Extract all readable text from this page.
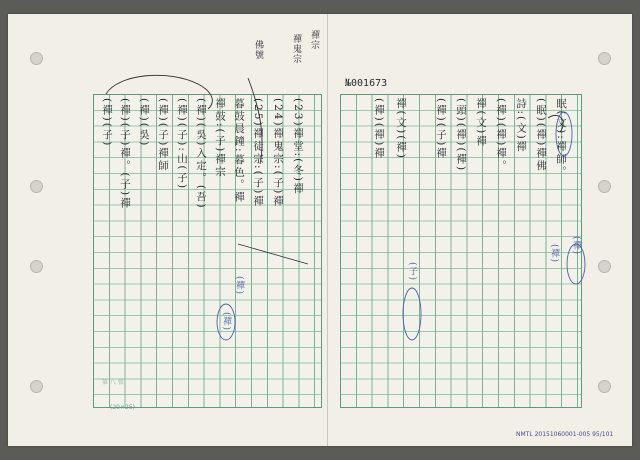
(23)禪堂:(冬)禪
(24)禪鬼宗:(子)禪
(25)禪徒宗:(子)禪
暮鼓晨鐘:暮色。禪
禪鼓:(子)禪宗
(禪)(吳)入定。(吾)
(禪)(子):山(子)
(禪)(子)禪師
(禪)(吳)
(禪)(子)禪。(子)禪
(禪)(子)	眠(文):禪師。
(眠)(禪)禪佛
詩:(文)禪
(禪)(禪)禪。
禪(文)禪
(頭)(禪)(禪)
(禪)(子)禪
禪(文)(禪)
(禪)(禪)禪
禪宗
禪鬼宗
佛號
(禪)
(禪)
(子)
(禪)
(禪)
№001673
第 八 張
(20×25)
NMTL 20151060001-005 95/101
